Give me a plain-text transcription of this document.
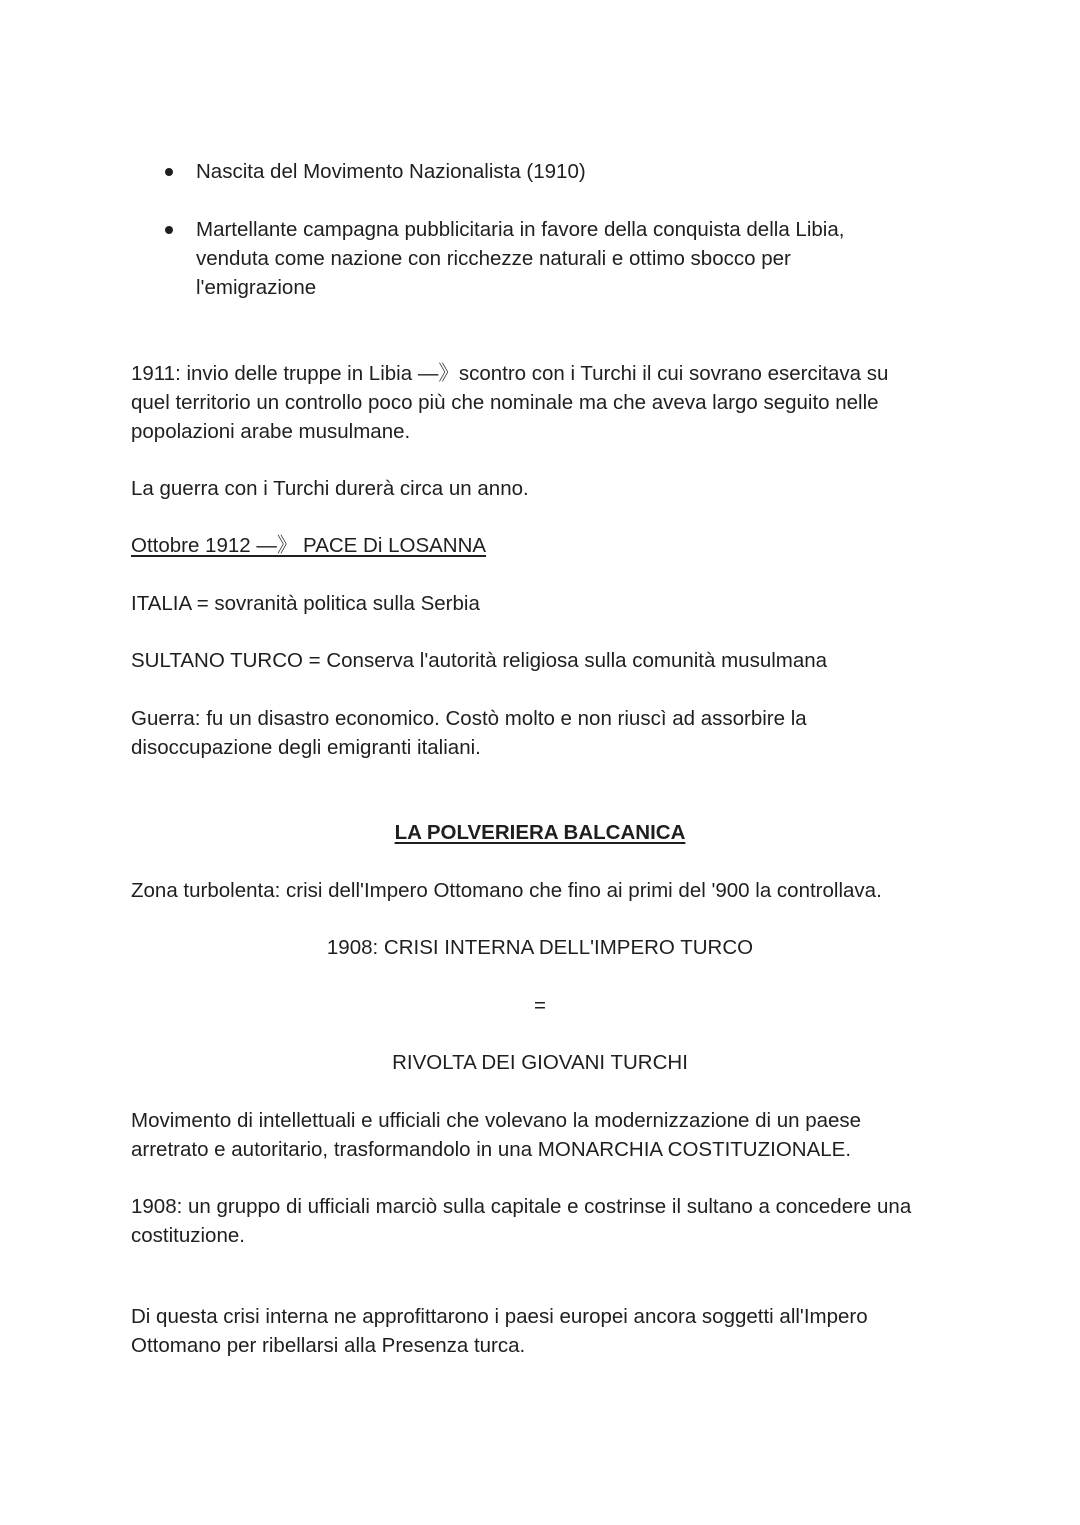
Nascita del Movimento Nazionalista (1910)
Martellante campagna pubblicitaria in favore della conquista della Libia, venduta come nazione con ricchezze naturali e ottimo sbocco per l'emigrazione

1911: invio delle truppe in Libia —》scontro con i Turchi il cui sovrano esercitava su quel territorio un controllo poco più che nominale ma che aveva largo seguito nelle popolazioni arabe musulmane.

La guerra con i Turchi durerà circa un anno.

Ottobre 1912 —》 PACE Di LOSANNA

ITALIA = sovranità politica sulla Serbia

SULTANO TURCO = Conserva l'autorità religiosa sulla comunità musulmana

Guerra: fu un disastro economico. Costò molto e non riuscì ad assorbire la disoccupazione degli emigranti italiani.

LA POLVERIERA BALCANICA

Zona turbolenta: crisi dell'Impero Ottomano che fino ai primi del '900 la controllava.

1908: CRISI INTERNA DELL'IMPERO TURCO

=

RIVOLTA DEI GIOVANI TURCHI

Movimento di intellettuali e ufficiali che volevano la modernizzazione di un paese arretrato e autoritario, trasformandolo in una MONARCHIA COSTITUZIONALE.

1908: un gruppo di ufficiali marciò sulla capitale e costrinse il sultano a concedere una costituzione.

Di questa crisi interna ne approfittarono i paesi europei ancora soggetti all'Impero Ottomano per ribellarsi alla Presenza turca.
